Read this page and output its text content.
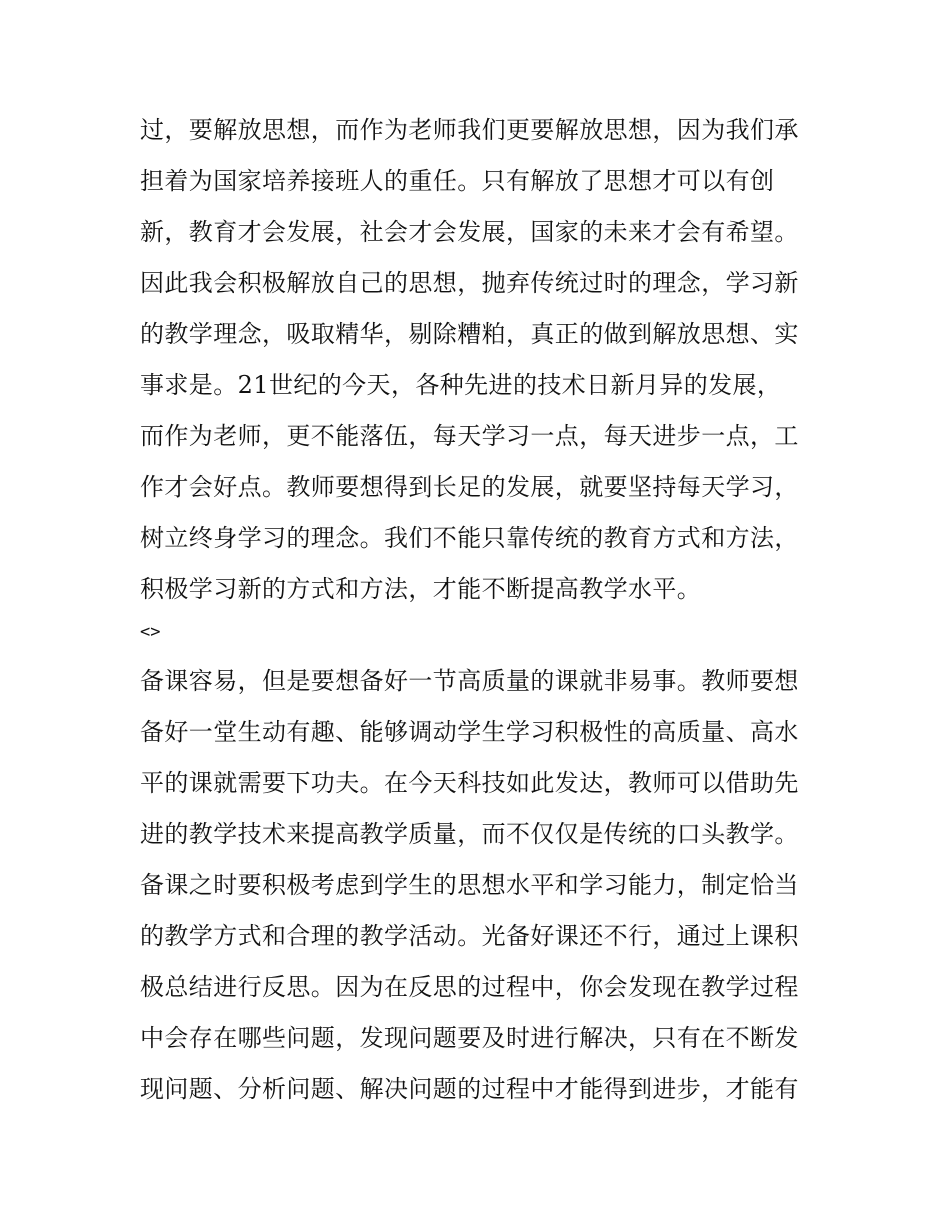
过，要解放思想，而作为老师我们更要解放思想，因为我们承
担着为国家培养接班人的重任。只有解放了思想才可以有创
新，教育才会发展，社会才会发展，国家的未来才会有希望。
因此我会积极解放自己的思想，抛弃传统过时的理念，学习新
的教学理念，吸取精华，剔除糟粕，真正的做到解放思想、实
事求是。21世纪的今天，各种先进的技术日新月异的发展，
而作为老师，更不能落伍，每天学习一点，每天进步一点，工
作才会好点。教师要想得到长足的发展，就要坚持每天学习，
树立终身学习的理念。我们不能只靠传统的教育方式和方法，
积极学习新的方式和方法，才能不断提高教学水平。
<>
备课容易，但是要想备好一节高质量的课就非易事。教师要想
备好一堂生动有趣、能够调动学生学习积极性的高质量、高水
平的课就需要下功夫。在今天科技如此发达，教师可以借助先
进的教学技术来提高教学质量，而不仅仅是传统的口头教学。
备课之时要积极考虑到学生的思想水平和学习能力，制定恰当
的教学方式和合理的教学活动。光备好课还不行，通过上课积
极总结进行反思。因为在反思的过程中，你会发现在教学过程
中会存在哪些问题，发现问题要及时进行解决，只有在不断发
现问题、分析问题、解决问题的过程中才能得到进步，才能有
